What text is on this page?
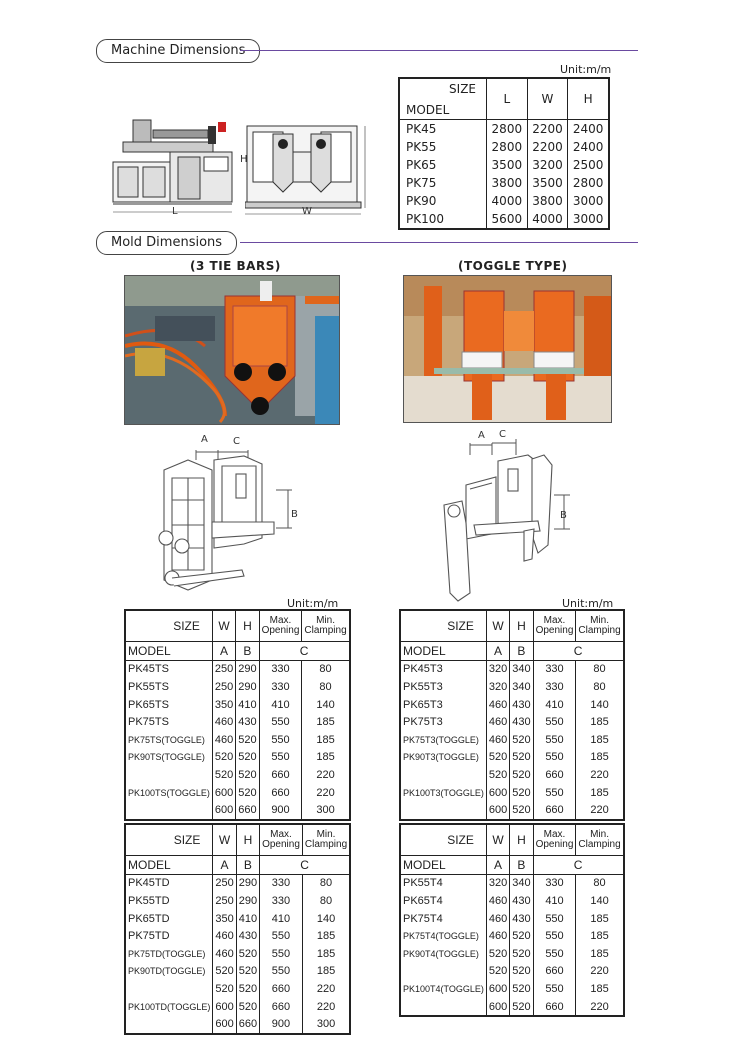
Machine Dimensions
L
H
W
Unit:m/m
SIZE
MODEL	L	W	H
PK45	2800	2200	2400
PK55	2800	2200	2400
PK65	3500	3200	2500
PK75	3800	3500	2800
PK90	4000	3800	3000
PK100	5600	4000	3000
Mold Dimensions
(3 TIE BARS)	(TOGGLE TYPE)
A	C
B
A C
B
Unit:m/m	Unit:m/m
SIZE	W	H	Max.
Opening	Min.
Clamping

MODEL	A	B	C	
PK45TS	250	290	330	80
PK55TS	250	290	330	80
PK65TS	350	410	410	140
PK75TS	460	430	550	185
PK75TS(TOGGLE)	460	520	550	185
PK90TS(TOGGLE)	520	520	550	185
	520	520	660	220
PK100TS(TOGGLE)	600	520	660	220
	600	660	900	300
SIZE	W	H	Max.
Opening	Min.
Clamping

MODEL	A	B	C	
PK45T3	320	340	330	80
PK55T3	320	340	330	80
PK65T3	460	430	410	140
PK75T3	460	430	550	185
PK75T3(TOGGLE)	460	520	550	185
PK90T3(TOGGLE)	520	520	550	185
	520	520	660	220
PK100T3(TOGGLE)	600	520	550	185
	600	520	660	220
SIZE	W	H	Max.
Opening	Min.
Clamping

MODEL	A	B	C	
PK45TD	250	290	330	80
PK55TD	250	290	330	80
PK65TD	350	410	410	140
PK75TD	460	430	550	185
PK75TD(TOGGLE)	460	520	550	185
PK90TD(TOGGLE)	520	520	550	185
	520	520	660	220
PK100TD(TOGGLE)	600	520	660	220
	600	660	900	300
SIZE	W	H	Max.
Opening	Min.
Clamping

MODEL	A	B	C	
PK55T4	320	340	330	80
PK65T4	460	430	410	140
PK75T4	460	430	550	185
PK75T4(TOGGLE)	460	520	550	185
PK90T4(TOGGLE)	520	520	550	185
	520	520	660	220
PK100T4(TOGGLE)	600	520	550	185
	600	520	660	220
